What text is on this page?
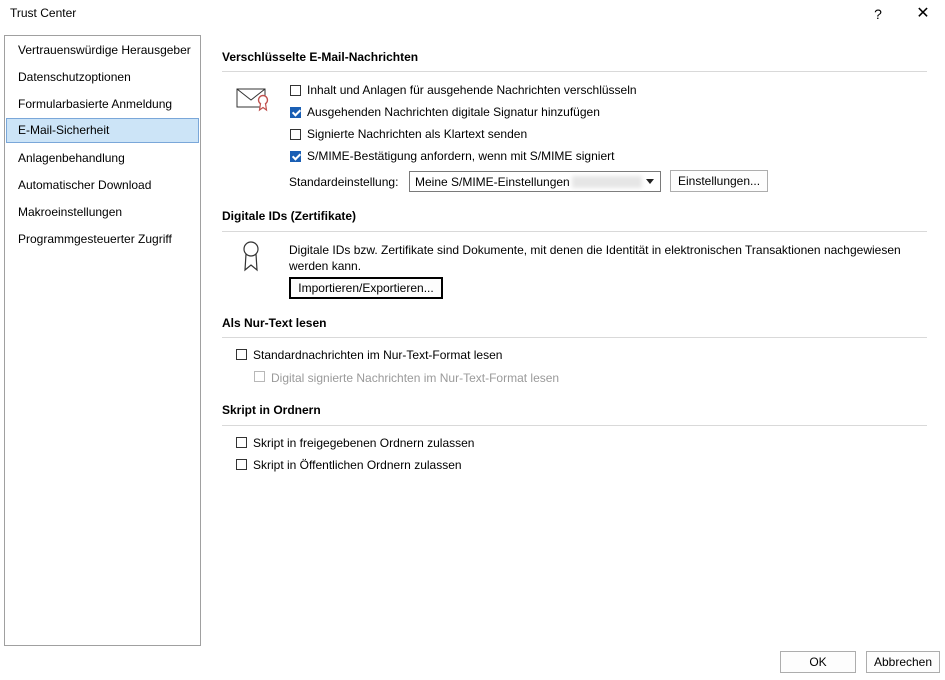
Trust Center	?	✕
Vertrauenswürdige Herausgeber
Datenschutzoptionen
Formularbasierte Anmeldung
E-Mail-Sicherheit
Anlagenbehandlung
Automatischer Download
Makroeinstellungen
Programmgesteuerter Zugriff
Verschlüsselte E-Mail-Nachrichten
Inhalt und Anlagen für ausgehende Nachrichten verschlüsseln
Ausgehenden Nachrichten digitale Signatur hinzufügen
Signierte Nachrichten als Klartext senden
S/MIME-Bestätigung anfordern, wenn mit S/MIME signiert
Standardeinstellung: Meine S/MIME-Einstellungen	Einstellungen...
Digitale IDs (Zertifikate)
Digitale IDs bzw. Zertifikate sind Dokumente, mit denen die Identität in elektronischen Transaktionen nachgewiesen
werden kann.
Importieren/Exportieren...
Als Nur-Text lesen
Standardnachrichten im Nur-Text-Format lesen
Digital signierte Nachrichten im Nur-Text-Format lesen
Skript in Ordnern
Skript in freigegebenen Ordnern zulassen
Skript in Öffentlichen Ordnern zulassen
OK	Abbrechen
